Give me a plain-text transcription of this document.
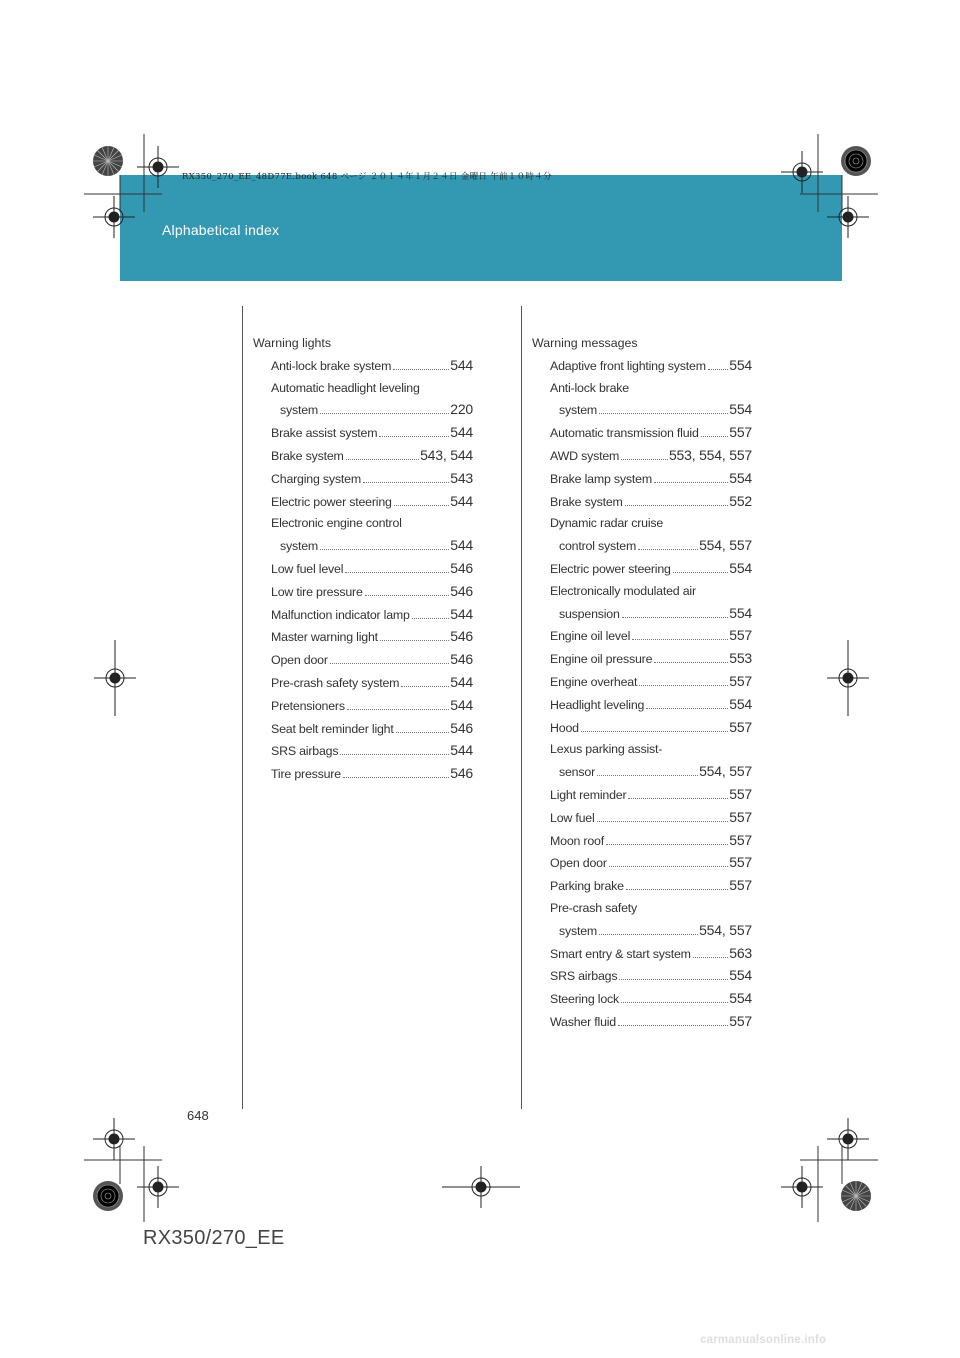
Alphabetical index
RX350_270_EE_48D77E.book 648 ページ ２０１４年１月２４日 金曜日 午前１０時４分
Warning lights
Anti-lock brake system	544
Automatic headlight leveling
system	220
Brake assist system	544
Brake system	543, 544
Charging system	543
Electric power steering	544
Electronic engine control
system	544
Low fuel level	546
Low tire pressure	546
Malfunction indicator lamp	544
Master warning light	546
Open door	546
Pre-crash safety system	544
Pretensioners	544
Seat belt reminder light	546
SRS airbags	544
Tire pressure	546
Warning messages
Adaptive front lighting system 554
Anti-lock brake
system	554
Automatic transmission fluid 557
AWD system	553, 554, 557
Brake lamp system	554
Brake system	552
Dynamic radar cruise
control system	554, 557
Electric power steering	554
Electronically modulated air
suspension	554
Engine oil level	557
Engine oil pressure	553
Engine overheat	557
Headlight leveling	554
Hood	557
Lexus parking assist-
sensor	554, 557
Light reminder	557
Low fuel	557
Moon roof	557
Open door	557
Parking brake	557
Pre-crash safety
system	554, 557
Smart entry & start system	563
SRS airbags	554
Steering lock	554
Washer fluid	557
648
RX350/270_EE
carmanualsonline.info
